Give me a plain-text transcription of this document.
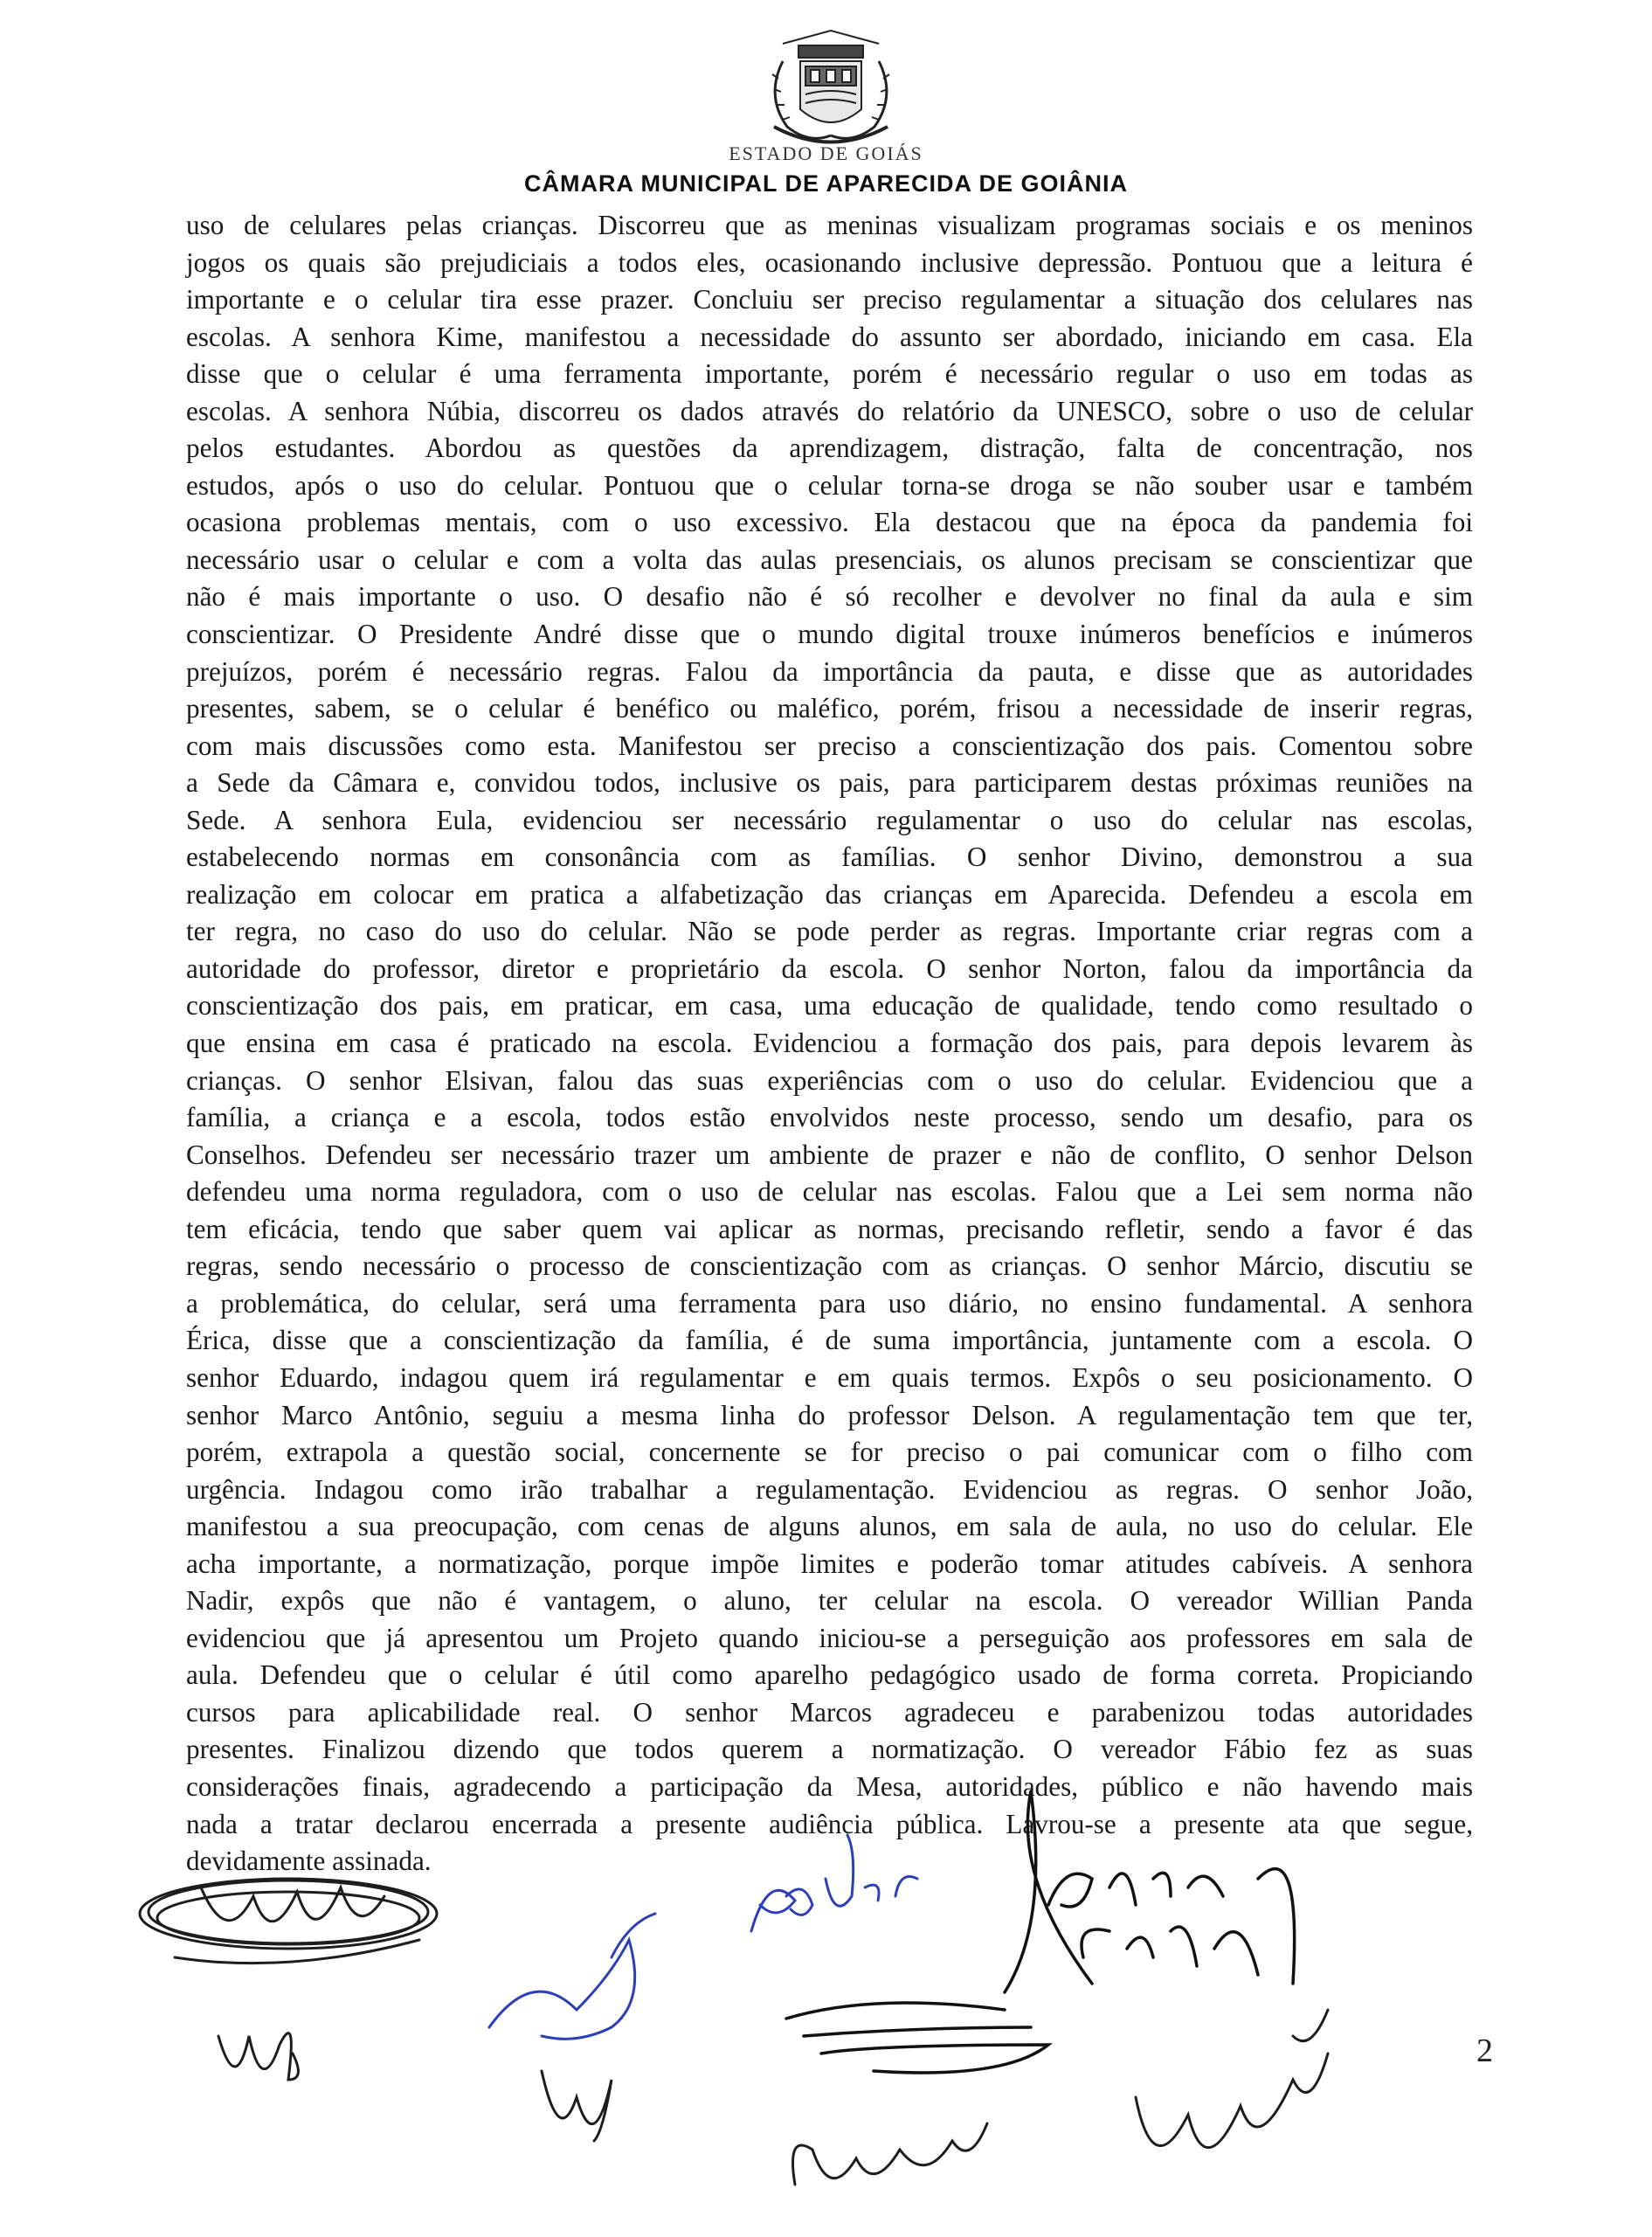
ESTADO DE GOIÁS
CÂMARA MUNICIPAL DE APARECIDA DE GOIÂNIA
uso de celulares pelas crianças. Discorreu que as meninas visualizam programas sociais e os meninos
jogos os quais são prejudiciais a todos eles, ocasionando inclusive depressão. Pontuou que a leitura é
importante e o celular tira esse prazer. Concluiu ser preciso regulamentar a situação dos celulares nas
escolas. A senhora Kime, manifestou a necessidade do assunto ser abordado, iniciando em casa. Ela
disse que o celular é uma ferramenta importante, porém é necessário regular o uso em todas as
escolas. A senhora Núbia, discorreu os dados através do relatório da UNESCO, sobre o uso de celular
pelos estudantes. Abordou as questões da aprendizagem, distração, falta de concentração, nos
estudos, após o uso do celular. Pontuou que o celular torna-se droga se não souber usar e também
ocasiona problemas mentais, com o uso excessivo. Ela destacou que na época da pandemia foi
necessário usar o celular e com a volta das aulas presenciais, os alunos precisam se conscientizar que
não é mais importante o uso. O desafio não é só recolher e devolver no final da aula e sim
conscientizar. O Presidente André disse que o mundo digital trouxe inúmeros benefícios e inúmeros
prejuízos, porém é necessário regras. Falou da importância da pauta, e disse que as autoridades
presentes, sabem, se o celular é benéfico ou maléfico, porém, frisou a necessidade de inserir regras,
com mais discussões como esta. Manifestou ser preciso a conscientização dos pais. Comentou sobre
a Sede da Câmara e, convidou todos, inclusive os pais, para participarem destas próximas reuniões na
Sede. A senhora Eula, evidenciou ser necessário regulamentar o uso do celular nas escolas,
estabelecendo normas em consonância com as famílias. O senhor Divino, demonstrou a sua
realização em colocar em pratica a alfabetização das crianças em Aparecida. Defendeu a escola em
ter regra, no caso do uso do celular. Não se pode perder as regras. Importante criar regras com a
autoridade do professor, diretor e proprietário da escola. O senhor Norton, falou da importância da
conscientização dos pais, em praticar, em casa, uma educação de qualidade, tendo como resultado o
que ensina em casa é praticado na escola. Evidenciou a formação dos pais, para depois levarem às
crianças. O senhor Elsivan, falou das suas experiências com o uso do celular. Evidenciou que a
família, a criança e a escola, todos estão envolvidos neste processo, sendo um desafio, para os
Conselhos. Defendeu ser necessário trazer um ambiente de prazer e não de conflito, O senhor Delson
defendeu uma norma reguladora, com o uso de celular nas escolas. Falou que a Lei sem norma não
tem eficácia, tendo que saber quem vai aplicar as normas, precisando refletir, sendo a favor é das
regras, sendo necessário o processo de conscientização com as crianças. O senhor Márcio, discutiu se
a problemática, do celular, será uma ferramenta para uso diário, no ensino fundamental. A senhora
Érica, disse que a conscientização da família, é de suma importância, juntamente com a escola. O
senhor Eduardo, indagou quem irá regulamentar e em quais termos. Expôs o seu posicionamento. O
senhor Marco Antônio, seguiu a mesma linha do professor Delson. A regulamentação tem que ter,
porém, extrapola a questão social, concernente se for preciso o pai comunicar com o filho com
urgência. Indagou como irão trabalhar a regulamentação. Evidenciou as regras. O senhor João,
manifestou a sua preocupação, com cenas de alguns alunos, em sala de aula, no uso do celular. Ele
acha importante, a normatização, porque impõe limites e poderão tomar atitudes cabíveis. A senhora
Nadir, expôs que não é vantagem, o aluno, ter celular na escola. O vereador Willian Panda
evidenciou que já apresentou um Projeto quando iniciou-se a perseguição aos professores em sala de
aula. Defendeu que o celular é útil como aparelho pedagógico usado de forma correta. Propiciando
cursos para aplicabilidade real. O senhor Marcos agradeceu e parabenizou todas autoridades
presentes. Finalizou dizendo que todos querem a normatização. O vereador Fábio fez as suas
considerações finais, agradecendo a participação da Mesa, autoridades, público e não havendo mais
nada a tratar declarou encerrada a presente audiência pública. Lavrou-se a presente ata que segue,
devidamente assinada.
2
